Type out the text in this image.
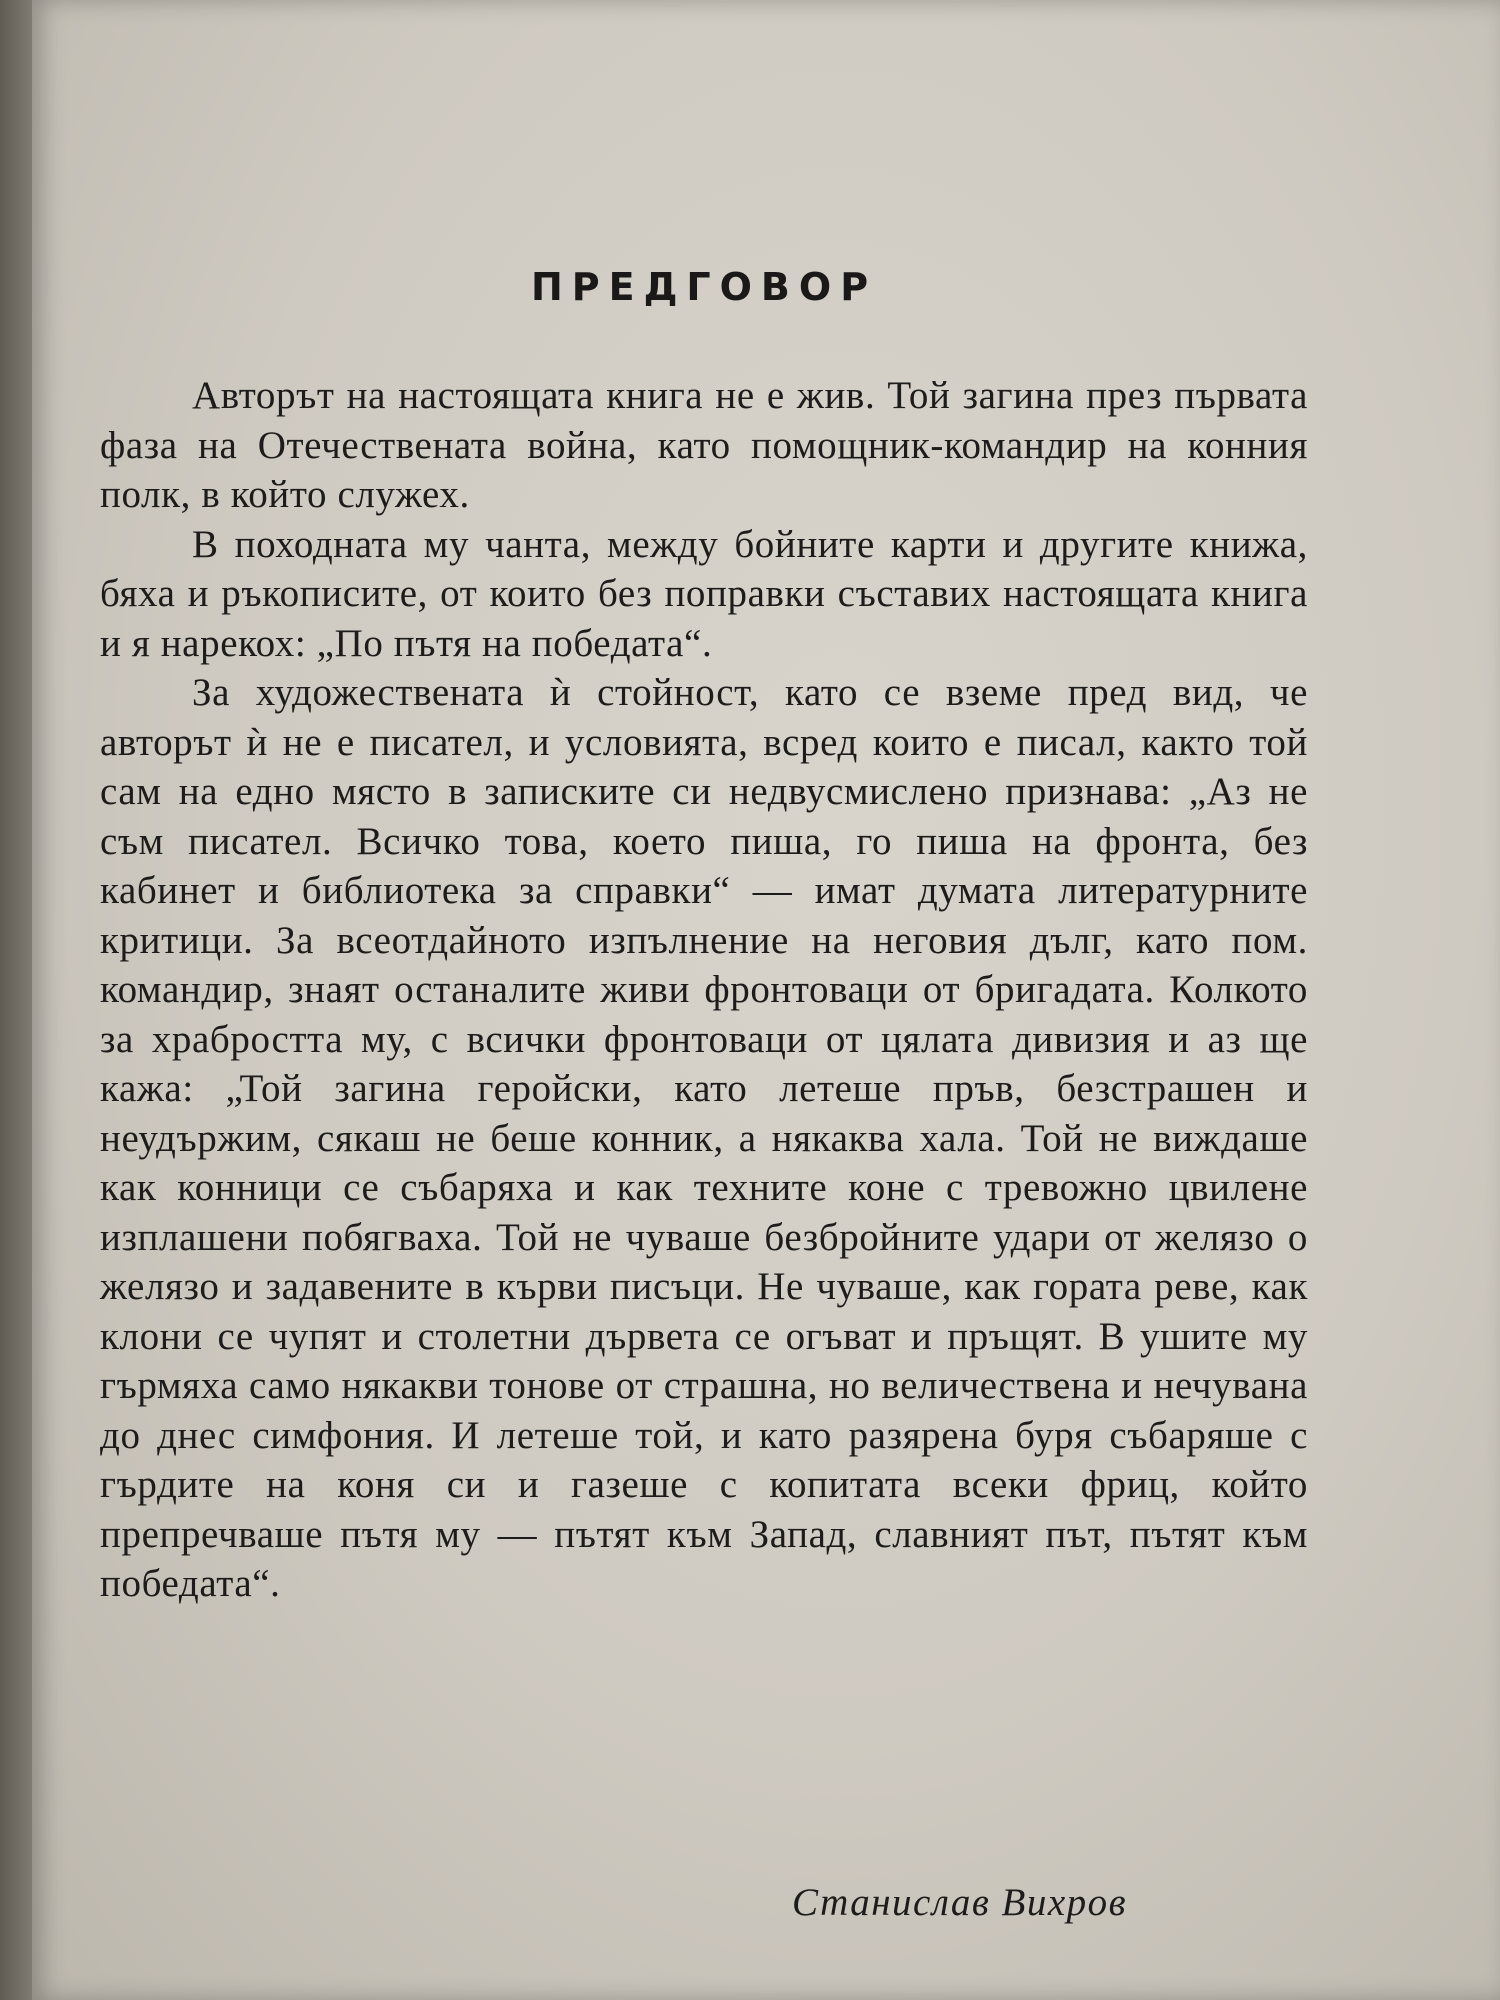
ПРЕДГОВОР

Авторът на настоящата книга не е жив. Той загина през първата фаза на Отечествената война, като помощник-командир на конния полк, в който служех.

В походната му чанта, между бойните карти и другите книжа, бяха и ръкописите, от които без поправки съставих настоящата книга и я нарекох: „По пътя на победата“.

За художествената ѝ стойност, като се вземе пред вид, че авторът ѝ не е писател, и условията, всред които е писал, както той сам на едно място в записките си недвусмислено признава: „Аз не съм писател. Всичко това, което пиша, го пиша на фронта, без кабинет и библиотека за справки“ — имат думата литературните критици. За всеотдайното изпълнение на неговия дълг, като пом. командир, знаят останалите живи фронтоваци от бригадата. Колкото за храбростта му, с всички фронтоваци от цялата дивизия и аз ще кажа: „Той загина геройски, като летеше пръв, безстрашен и неудържим, сякаш не беше конник, а някаква хала. Той не виждаше как конници се събаряха и как техните коне с тревожно цвилене изплашени побягваха. Той не чуваше безбройните удари от желязо о желязо и задавените в кърви писъци. Не чуваше, как гората реве, как клони се чупят и столетни дървета се огъват и пръщят. В ушите му гърмяха само някакви тонове от страшна, но величествена и нечувана до днес симфония. И летеше той, и като разярена буря събаряше с гърдите на коня си и газеше с копитата всеки фриц, който препречваше пътя му — пътят към Запад, славният път, пътят към победата“.

Станислав Вихров
